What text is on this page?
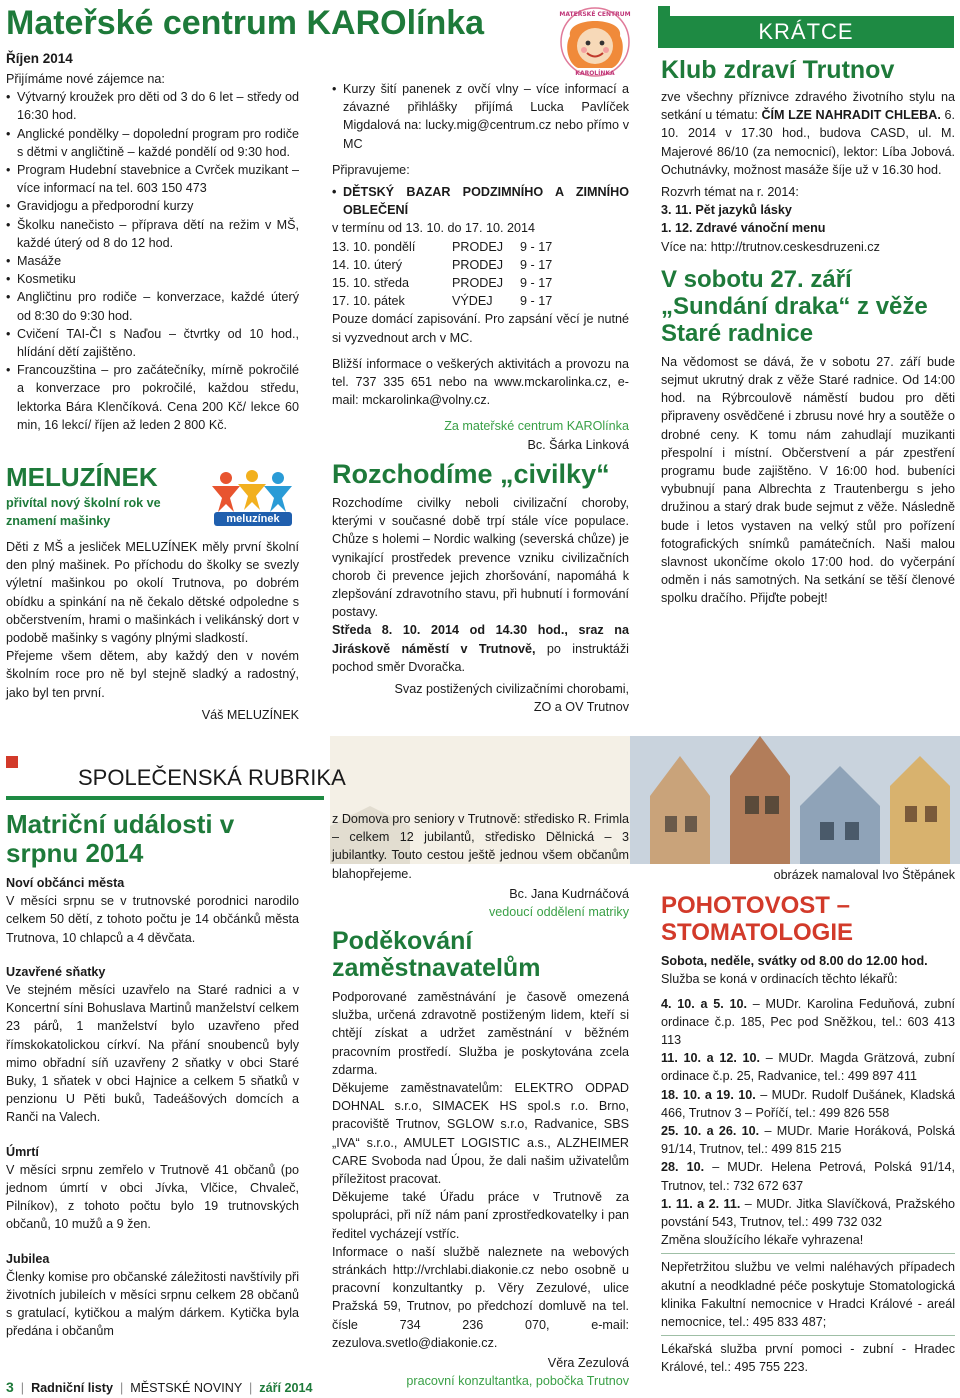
Mateřské centrum KAROlínka
Říjen 2014
MATEŘSKÉ CENTRUM
KAROLÍNKA

Přijímáme nové zájemce na:

• Výtvarný kroužek pro děti od 3 do 6 let – středy od 16:30 hod.
• Anglické pondělky – dopolední program pro rodiče s dětmi v angličtině – každé pondělí od 9:30 hod.
• Program Hudební stavebnice a Cvrček muzikant – více informací na tel. 603 150 473
• Gravidjogu a předporodní kurzy
• Školku nanečisto – příprava dětí na režim v MŠ, každé úterý od 8 do 12 hod.
• Masáže
• Kosmetiku
• Angličtinu pro rodiče – konverzace, každé úterý od 8:30 do 9:30 hod.
• Cvičení TAI-ČI s Naďou – čtvrtky od 10 hod., hlídání dětí zajištěno.
• Francouzština – pro začátečníky, mírně pokročilé a konverzace pro pokročilé, každou středu, lektorka Bára Klenčíková. Cena 200 Kč/ lekce 60 min, 16 lekcí/ říjen až leden 2 800 Kč.
• Kurzy šití panenek z ovčí vlny – více informací a závazné přihlášky přijímá Lucka Pavlíček Migdalová na: lucky.mig@centrum.cz nebo přímo v MC

Připravujeme:

• DĚTSKÝ BAZAR PODZIMNÍHO A ZIMNÍHO OBLEČENÍ

v termínu od 13. 10. do 17. 10. 2014

13. 10. pondělí	PRODEJ	9 - 17
14. 10. úterý	PRODEJ	9 - 17
15. 10. středa	PRODEJ	9 - 17
17. 10. pátek	VÝDEJ	9 - 17

Pouze domácí zapisování. Pro zapsání věcí je nutné si vyzvednout arch v MC.

Bližší informace o veškerých aktivitách a provozu na tel. 737 335 651 nebo na www.mckarolinka.cz, e-mail: mckarolinka@volny.cz.

Za mateřské centrum KAROlínka

Bc. Šárka Linková

MELUZÍNEK
přivítal nový školní rok ve znamení mašinky	meluzínek

Děti z MŠ a jesliček MELUZÍNEK měly první školní den plný mašinek. Po příchodu do školky se svezly výletní mašinkou po okolí Trutnova, po dobrém obídku a spinkání na ně čekalo dětské odpoledne s občerstvením, hrami o mašinkách i velikánský dort v podobě mašinky s vagóny plnými sladkostí.

Přejeme všem dětem, aby každý den v novém školním roce pro ně byl stejně sladký a radostný, jako byl ten první.

Váš MELUZÍNEK

Rozchodíme „civilky“

Rozchodíme civilky neboli civilizační choroby, kterými v současné době trpí stále více populace. Chůze s holemi – Nordic walking (severská chůze) je vynikající prostředek prevence vzniku civilizačních chorob či prevence jejich zhoršování, napomáhá k zlepšování zdravotního stavu, při hubnutí i formování postavy.

Středa 8. 10. 2014 od 14.30 hod., sraz na Jiráskově náměstí v Trutnově, po instruktáži pochod směr Dvoračka.

Svaz postižených civilizačními chorobami,

ZO a OV Trutnov

KRÁTCE
Klub zdraví Trutnov

zve všechny příznivce zdravého životního stylu na setkání u tématu: ČÍM LZE NAHRADIT CHLEBA. 6. 10. 2014 v 17.30 hod., budova CASD, ul. M. Majerové 86/10 (za nemocnicí), lektor: Líba Jobová. Ochutnávky, možnost masáže šíje už v 16.30 hod.

Rozvrh témat na r. 2014:

3. 11. Pět jazyků lásky

1. 12. Zdravé vánoční menu

Více na: http://trutnov.ceskesdruzeni.cz

V sobotu 27. září „Sundání draka“ z věže Staré radnice

Na vědomost se dává, že v sobotu 27. září bude sejmut ukrutný drak z věže Staré radnice. Od 14:00 hod. na Rýbrcoulově náměstí budou pro děti připraveny osvědčené i zbrusu nové hry a soutěže o drobné ceny. K tomu nám zahudlají muzikanti přespolní i místní. Občerstvení a pár zpestření programu bude zajištěno. V 16:00 hod. bubeníci vybubnují pana Albrechta z Trautenbergu s jeho družinou a starý drak bude sejmut z věže. Následně bude i letos vystaven na velký stůl pro pořízení fotografických snímků památečních. Naši malou slavnost ukončíme okolo 17:00 hod. do vyčerpání odměn i nás samotných. Na setkání se těší členové spolku dračího. Přijďte pobejt!

SPOLEČENSKÁ RUBRIKA
Matriční události v srpnu 2014

Noví občánci města

V měsíci srpnu se v trutnovské porodnici narodilo celkem 50 dětí, z tohoto počtu je 14 občánků města Trutnova, 10 chlapců a 4 děvčata.

Uzavřené sňatky

Ve stejném měsíci uzavřelo na Staré radnici a v Koncertní síni Bohuslava Martinů manželství celkem 23 párů, 1 manželství bylo uzavřeno před římskokatolickou církví. Na přání snoubenců byly mimo obřadní síň uzavřeny 2 sňatky v obci Staré Buky, 1 sňatek v obci Hajnice a celkem 5 sňatků v penzionu U Pěti buků, Tadeášových domcích a Ranči na Valech.

Úmrtí

V měsíci srpnu zemřelo v Trutnově 41 občanů (po jednom úmrtí v obci Jívka, Vlčice, Chvaleč, Pilníkov), z tohoto počtu bylo 19 trutnovských občanů, 10 mužů a 9 žen.

Jubilea

Členky komise pro občanské záležitosti navštívily při životních jubileích v měsíci srpnu celkem 28 občanů s gratulací, kytičkou a malým dárkem. Kytička byla předána i občanům

z Domova pro seniory v Trutnově: středisko R. Frimla – celkem 12 jubilantů, středisko Dělnická – 3 jubilantky. Touto cestou ještě jednou všem občanům blahopřejeme.

Bc. Jana Kudrnáčová

vedoucí oddělení matriky

Poděkování zaměstnavatelům

Podporované zaměstnávání je časově omezená služba, určená zdravotně postiženým lidem, kteří si chtějí získat a udržet zaměstnání v běžném pracovním prostředí. Služba je poskytována zcela zdarma.

Děkujeme zaměstnavatelům: ELEKTRO ODPAD DOHNAL s.r.o, SIMACEK HS spol.s r.o. Brno, pracoviště Trutnov, SGLOW s.r.o, Radvanice, SBS „IVA“ s.r.o., AMULET LOGISTIC a.s., ALZHEIMER CARE Svoboda nad Úpou, že dali našim uživatelům příležitost pracovat.

Děkujeme také Úřadu práce v Trutnově za spolupráci, při níž nám paní zprostředkovatelky i pan ředitel vycházejí vstříc.

Informace o naší službě naleznete na webových stránkách http://vrchlabi.diakonie.cz nebo osobně u pracovní konzultantky p. Věry Zezulové, ulice Pražská 59, Trutnov, po předchozí domluvě na tel. čísle 734 236 070, e-mail: zezulova.svetlo@diakonie.cz.

Věra Zezulová

pracovní konzultantka, pobočka Trutnov

obrázek namaloval Ivo Štěpánek

POHOTOVOST – STOMATOLOGIE

Sobota, neděle, svátky od 8.00 do 12.00 hod.

Služba se koná v ordinacích těchto lékařů:

4. 10. a 5. 10. – MUDr. Karolina Feduňová, zubní ordinace č.p. 185, Pec pod Sněžkou, tel.: 603 413 113

11. 10. a 12. 10. – MUDr. Magda Grätzová, zubní ordinace č.p. 25, Radvanice, tel.: 499 897 411

18. 10. a 19. 10. – MUDr. Rudolf Dušánek, Kladská 466, Trutnov 3 – Poříčí, tel.: 499 826 558

25. 10. a 26. 10. – MUDr. Marie Horáková, Polská 91/14, Trutnov, tel.: 499 815 215

28. 10. – MUDr. Helena Petrová, Polská 91/14, Trutnov, tel.: 732 672 637

1. 11. a 2. 11. – MUDr. Jitka Slavíčková, Pražského povstání 543, Trutnov, tel.: 499 732 032

Změna sloužícího lékaře vyhrazena!

Nepřetržitou službu ve velmi naléhavých případech akutní a neodkladné péče poskytuje Stomatologická klinika Fakultní nemocnice v Hradci Králové - areál nemocnice, tel.: 495 833 487;

Lékařská služba první pomoci - zubní - Hradec Králové, tel.: 495 755 223.

3  |  Radniční listy  |  MĚSTSKÉ NOVINY  |  září 2014
